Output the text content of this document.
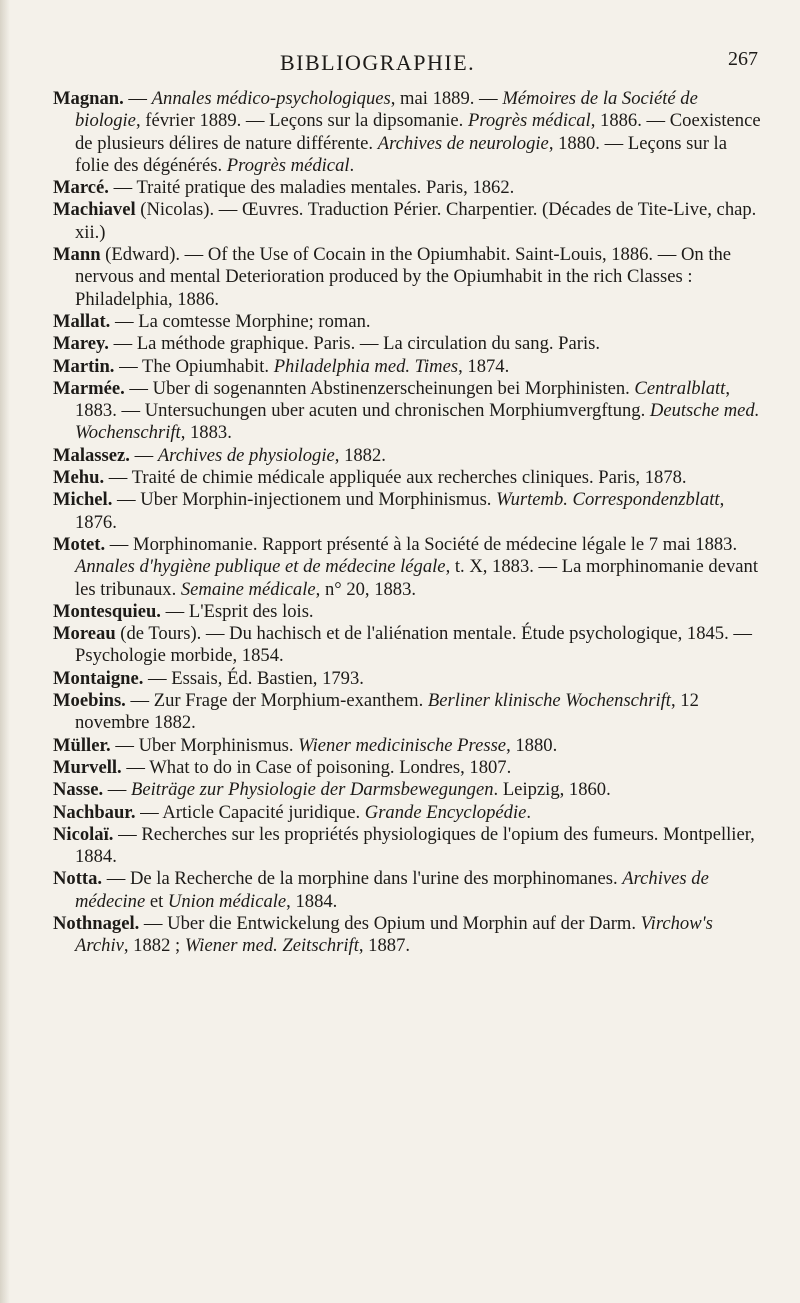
BIBLIOGRAPHIE.	267

Magnan. — Annales médico-psychologiques, mai 1889. — Mémoires de la Société de biologie, février 1889. — Leçons sur la dipsomanie. Progrès médical, 1886. — Coexistence de plusieurs délires de nature différente. Archives de neurologie, 1880. — Leçons sur la folie des dégénérés. Progrès médical.

Marcé. — Traité pratique des maladies mentales. Paris, 1862.

Machiavel (Nicolas). — Œuvres. Traduction Périer. Charpentier. (Décades de Tite-Live, chap. xii.)

Mann (Edward). — Of the Use of Cocain in the Opiumhabit. Saint-Louis, 1886. — On the nervous and mental Deterioration produced by the Opiumhabit in the rich Classes : Philadelphia, 1886.

Mallat. — La comtesse Morphine; roman.

Marey. — La méthode graphique. Paris. — La circulation du sang. Paris.

Martin. — The Opiumhabit. Philadelphia med. Times, 1874.

Marmée. — Uber di sogenannten Abstinenzerscheinungen bei Morphinisten. Centralblatt, 1883. — Untersuchungen uber acuten und chronischen Morphiumvergftung. Deutsche med. Wochenschrift, 1883.

Malassez. — Archives de physiologie, 1882.

Mehu. — Traité de chimie médicale appliquée aux recherches cliniques. Paris, 1878.

Michel. — Uber Morphin-injectionem und Morphinismus. Wurtemb. Correspondenzblatt, 1876.

Motet. — Morphinomanie. Rapport présenté à la Société de médecine légale le 7 mai 1883. Annales d'hygiène publique et de médecine légale, t. X, 1883. — La morphinomanie devant les tribunaux. Semaine médicale, n° 20, 1883.

Montesquieu. — L'Esprit des lois.

Moreau (de Tours). — Du hachisch et de l'aliénation mentale. Étude psychologique, 1845. — Psychologie morbide, 1854.

Montaigne. — Essais, Éd. Bastien, 1793.

Moebins. — Zur Frage der Morphium-exanthem. Berliner klinische Wochenschrift, 12 novembre 1882.

Müller. — Uber Morphinismus. Wiener medicinische Presse, 1880.

Murvell. — What to do in Case of poisoning. Londres, 1807.

Nasse. — Beiträge zur Physiologie der Darmsbewegungen. Leipzig, 1860.

Nachbaur. — Article Capacité juridique. Grande Encyclopédie.

Nicolaï. — Recherches sur les propriétés physiologiques de l'opium des fumeurs. Montpellier, 1884.

Notta. — De la Recherche de la morphine dans l'urine des morphinomanes. Archives de médecine et Union médicale, 1884.

Nothnagel. — Uber die Entwickelung des Opium und Morphin auf der Darm. Virchow's Archiv, 1882 ; Wiener med. Zeitschrift, 1887.
